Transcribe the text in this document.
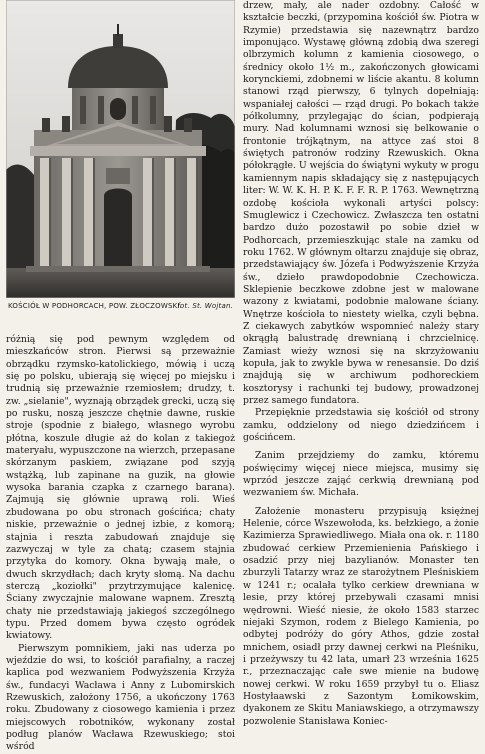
KOŚCIÓŁ W PODHORCACH, POW. ZŁOCZOWSKI.
fot. St. Wojtan.

różnią się pod pewnym względem od mieszkańców stron. Pierwsi są przeważnie obrządku rzymsko-katolickiego, mówią i uczą się po polsku, ubierają się więcej po miejsku i trudnią się przeważnie rzemiosłem; drudzy, t. zw. „sielanie", wyznają obrządek grecki, uczą się po rusku, noszą jeszcze chętnie dawne, ruskie stroje (spodnie z białego, własnego wyrobu płótna, koszule długie aż do kolan z takiegoż materyału, wypuszczone na wierzch, przepasane skórzanym paskiem, związane pod szyją wstążką, lub zapinane na guzik, na głowie wysoka barania czapka z czarnego barana). Zajmują się głównie uprawą roli. Wieś zbudowana po obu stronach gościńca; chaty niskie, przeważnie o jednej izbie, z komorą; stajnia i reszta zabudowań znajduje się zazwyczaj w tyle za chatą; czasem stajnia przytyka do komory. Okna bywają małe, o dwuch skrzydłach; dach kryty słomą. Na dachu sterczą „koziołki" przytrzymujące kalenicę. Ściany zwyczajnie malowane wapnem. Zresztą chaty nie przedstawiają jakiegoś szczególnego typu. Przed domem bywa często ogródek kwiatowy.

Pierwszym pomnikiem, jaki nas uderza po wjeździe do wsi, to kościół parafialny, a raczej kaplica pod wezwaniem Podwyższenia Krzyża św., fundacyi Wacława i Anny z Lubomirskich Rzewuskich, założony 1756, a ukończony 1763 roku. Zbudowany z ciosowego kamienia i przez miejscowych robotników, wykonany został podług planów Wacława Rzewuskiego; stoi wśród

drzew, mały, ale nader ozdobny. Całość w kształcie beczki, (przypomina kościół św. Piotra w Rzymie) przedstawia się nazewnątrz bardzo imponująco. Wystawę główną zdobią dwa szeregi olbrzymich kolumn z kamienia ciosowego, o średnicy około 1½ m., zakończonych głowicami korynckiemi, zdobnemi w liście akantu. 8 kolumn stanowi rząd pierwszy, 6 tylnych dopełniają: wspaniałej całości — rząd drugi. Po bokach także półkolumny, przylegając do ścian, podpierają mury. Nad kolumnami wznosi się belkowanie o frontonie trójkątnym, na attyce zaś stoi 8 świętych patronów rodziny Rzewuskich. Okna półokrągłe. U wejścia do świątyni wykuty w progu kamiennym napis składający się z następujących liter: W. W. K. H. P. K. F. F. R. P. 1763. Wewnętrzną ozdobę kościoła wykonali artyści polscy: Smuglewicz i Czechowicz. Zwłaszcza ten ostatni bardzo dużo pozostawił po sobie dzieł w Podhorcach, przemieszkując stale na zamku od roku 1762. W głównym ołtarzu znajduje się obraz, przedstawiający św. Józefa i Podwyższenie Krzyża św., dzieło prawdopodobnie Czechowicza. Sklepienie beczkowe zdobne jest w malowane wazony z kwiatami, podobnie malowane ściany. Wnętrze kościoła to niestety wielka, czyli bębna. Z ciekawych zabytków wspomnieć należy stary okrągłą balustradę drewnianą i chrzcielnicę. Zamiast wieży wznosi się na skrzyżowaniu kopuła, jak to zwykle bywa w renesansie. Do dziś znajdują się w archiwum podhoreckiem kosztorysy i rachunki tej budowy, prowadzonej przez samego fundatora.

Przepięknie przedstawia się kościół od strony zamku, oddzielony od niego dziedzińcem i gościńcem.

Zanim przejdziemy do zamku, któremu poświęcimy więcej niece miejsca, musimy się wprzód jeszcze zająć cerkwią drewnianą pod wezwaniem św. Michała.

Założenie monasteru przypisują księżnej Helenie, córce Wszewołoda, ks. bełzkiego, a żonie Kazimierza Sprawiedliwego. Miała ona ok. r. 1180 zbudować cerkiew Przemienienia Pańskiego i osadzić przy niej bazylianów. Monaster ten zburzyli Tatarzy wraz ze starożytnem Pleśniskiem w 1241 r.; ocalała tylko cerkiew drewniana w lesie, przy której przebywali czasami mnisi wędrowni. Wieść niesie, że około 1583 starzec niejaki Szymon, rodem z Bielego Kamienia, po odbytej podróży do góry Athos, gdzie został mnichem, osiadł przy dawnej cerkwi na Pleśniku, i przeżywszy tu 42 lata, umarł 23 września 1625 r., przeznaczając całe swe mienie na budowę nowej cerkwi. W roku 1659 przybył tu o. Eliasz Hostyłaawski z Sazontym Łomikowskim, dyakonem ze Skitu Maniawskiego, a otrzymawszy pozwolenie Stanisława Koniec-
